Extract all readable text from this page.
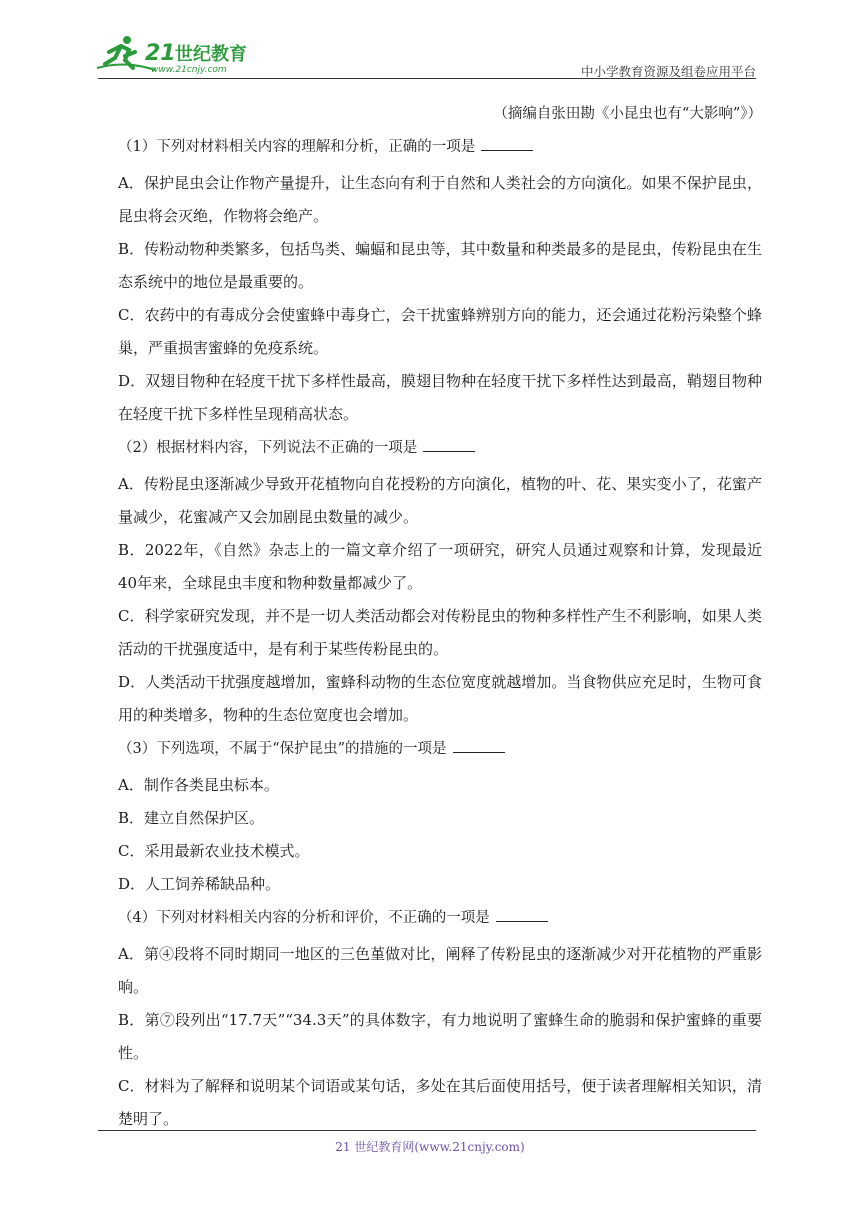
21 世纪教育
www.21cnjy.com	中小学教育资源及组卷应用平台
（摘编自张田勘《小昆虫也有“大影响”》）
（1）下列对材料相关内容的理解和分析，正确的一项是

A．保护昆虫会让作物产量提升，让生态向有利于自然和人类社会的方向演化。如果不保护昆虫，昆虫将会灭绝，作物将会绝产。

B．传粉动物种类繁多，包括鸟类、蝙蝠和昆虫等，其中数量和种类最多的是昆虫，传粉昆虫在生态系统中的地位是最重要的。

C．农药中的有毒成分会使蜜蜂中毒身亡，会干扰蜜蜂辨别方向的能力，还会通过花粉污染整个蜂巢，严重损害蜜蜂的免疫系统。

D．双翅目物种在轻度干扰下多样性最高，膜翅目物种在轻度干扰下多样性达到最高，鞘翅目物种在轻度干扰下多样性呈现稍高状态。

（2）根据材料内容，下列说法不正确的一项是

A．传粉昆虫逐渐减少导致开花植物向自花授粉的方向演化，植物的叶、花、果实变小了，花蜜产量减少，花蜜减产又会加剧昆虫数量的减少。

B．2022年，《自然》杂志上的一篇文章介绍了一项研究，研究人员通过观察和计算，发现最近40年来，全球昆虫丰度和物种数量都减少了。

C．科学家研究发现，并不是一切人类活动都会对传粉昆虫的物种多样性产生不利影响，如果人类活动的干扰强度适中，是有利于某些传粉昆虫的。

D．人类活动干扰强度越增加，蜜蜂科动物的生态位宽度就越增加。当食物供应充足时，生物可食用的种类增多，物种的生态位宽度也会增加。

（3）下列选项，不属于“保护昆虫”的措施的一项是

A．制作各类昆虫标本。

B．建立自然保护区。

C．采用最新农业技术模式。

D．人工饲养稀缺品种。

（4）下列对材料相关内容的分析和评价，不正确的一项是

A．第④段将不同时期同一地区的三色堇做对比，阐释了传粉昆虫的逐渐减少对开花植物的严重影响。

B．第⑦段列出“17.7天”“34.3天”的具体数字，有力地说明了蜜蜂生命的脆弱和保护蜜蜂的重要性。

C．材料为了解释和说明某个词语或某句话，多处在其后面使用括号，便于读者理解相关知识，清楚明了。

21 世纪教育网(www.21cnjy.com)
